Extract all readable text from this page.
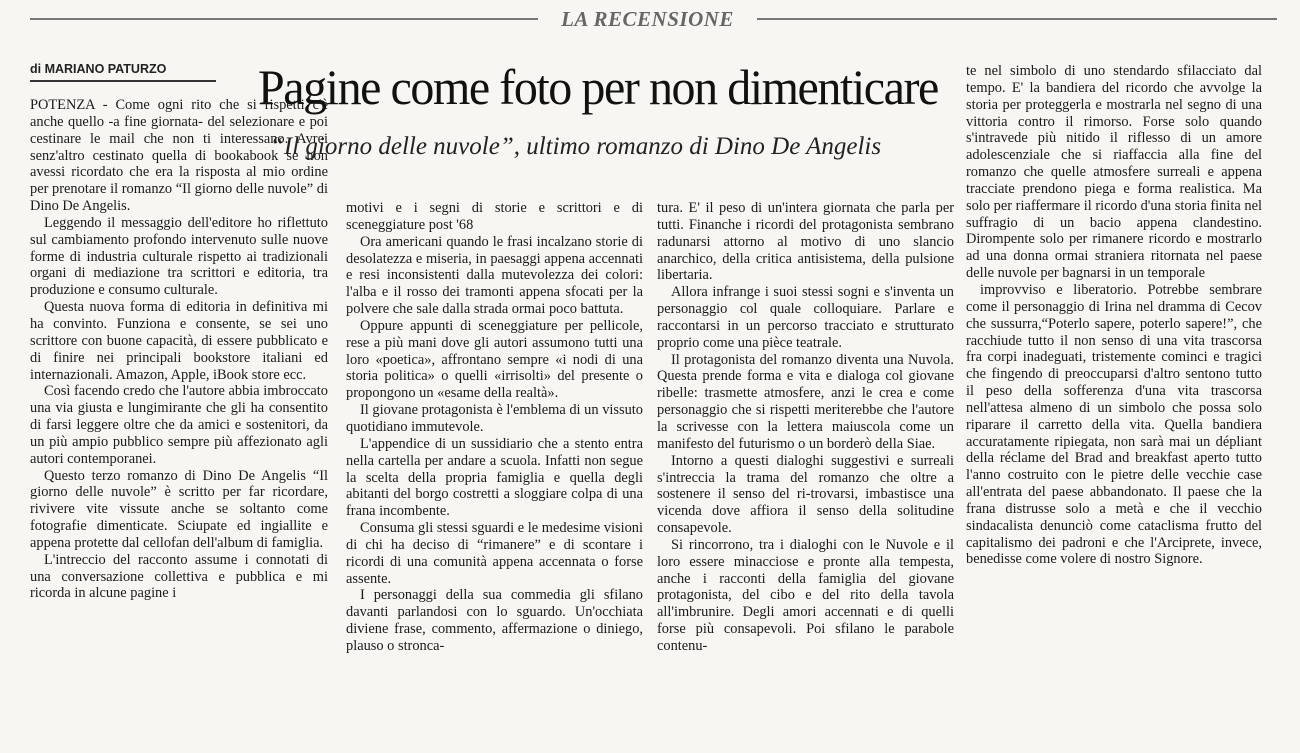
LA RECENSIONE
di MARIANO PATURZO	Pagine come foto per non dimenticare
“Il giorno delle nuvole”, ultimo romanzo di Dino De Angelis

POTENZA - Come ogni rito che si rispetti c'è anche quello -a fine giornata- del selezionare e poi cestinare le mail che non ti interessano. Avrei senz'altro cestinato quella di bookabook se non avessi ricordato che era la risposta al mio ordine per prenotare il romanzo “Il giorno delle nuvole” di Dino De Angelis.

Leggendo il messaggio dell'editore ho riflettuto sul cambiamento profondo intervenuto sulle nuove forme di industria culturale rispetto ai tradizionali organi di mediazione tra scrittori e editoria, tra produzione e consumo culturale.

Questa nuova forma di editoria in definitiva mi ha convinto. Funziona e consente, se sei uno scrittore con buone capacità, di essere pubblicato e di finire nei principali bookstore italiani ed internazionali. Amazon, Apple, iBook store ecc.

Così facendo credo che l'autore abbia imbroccato una via giusta e lungimirante che gli ha consentito di farsi leggere oltre che da amici e sostenitori, da un più ampio pubblico sempre più affezionato agli autori contemporanei.

Questo terzo romanzo di Dino De Angelis “Il giorno delle nuvole” è scritto per far ricordare, rivivere vite vissute anche se soltanto come fotografie dimenticate. Sciupate ed ingiallite e appena protette dal cellofan dell'album di famiglia.

L'intreccio del racconto assume i connotati di una conversazione collettiva e pubblica e mi ricorda in alcune pagine i

motivi e i segni di storie e scrittori e di sceneggiature post '68

Ora americani quando le frasi incalzano storie di desolatezza e miseria, in paesaggi appena accennati e resi inconsistenti dalla mutevolezza dei colori: l'alba e il rosso dei tramonti appena sfocati per la polvere che sale dalla strada ormai poco battuta.

Oppure appunti di sceneggiature per pellicole, rese a più mani dove gli autori assumono tutti una loro «poetica», affrontano sempre «i nodi di una storia politica» o quelli «irrisolti» del presente o propongono un «esame della realtà».

Il giovane protagonista è l'emblema di un vissuto quotidiano immutevole.

L'appendice di un sussidiario che a stento entra nella cartella per andare a scuola. Infatti non segue la scelta della propria famiglia e quella degli abitanti del borgo costretti a sloggiare colpa di una frana incombente.

Consuma gli stessi sguardi e le medesime visioni di chi ha deciso di “rimanere” e di scontare i ricordi di una comunità appena accennata o forse assente.

I personaggi della sua commedia gli sfilano davanti parlandosi con lo sguardo. Un'occhiata diviene frase, commento, affermazione o diniego, plauso o stronca-

tura. E' il peso di un'intera giornata che parla per tutti. Finanche i ricordi del protagonista sembrano radunarsi attorno al motivo di uno slancio anarchico, della critica antisistema, della pulsione libertaria.

Allora infrange i suoi stessi sogni e s'inventa un personaggio col quale colloquiare. Parlare e raccontarsi in un percorso tracciato e strutturato proprio come una pièce teatrale.

Il protagonista del romanzo diventa una Nuvola. Questa prende forma e vita e dialoga col giovane ribelle: trasmette atmosfere, anzi le crea e come personaggio che si rispetti meriterebbe che l'autore la scrivesse con la lettera maiuscola come un manifesto del futurismo o un borderò della Siae.

Intorno a questi dialoghi suggestivi e surreali s'intreccia la trama del romanzo che oltre a sostenere il senso del ri-trovarsi, imbastisce una vicenda dove affiora il senso della solitudine consapevole.

Si rincorrono, tra i dialoghi con le Nuvole e il loro essere minacciose e pronte alla tempesta, anche i racconti della famiglia del giovane protagonista, del cibo e del rito della tavola all'imbrunire. Degli amori accennati e di quelli forse più consapevoli. Poi sfilano le parabole contenu-

te nel simbolo di uno stendardo sfilacciato dal tempo. E' la bandiera del ricordo che avvolge la storia per proteggerla e mostrarla nel segno di una vittoria contro il rimorso. Forse solo quando s'intravede più nitido il riflesso di un amore adolescenziale che si riaffaccia alla fine del romanzo che quelle atmosfere surreali e appena tracciate prendono piega e forma realistica. Ma solo per riaffermare il ricordo d'una storia finita nel suffragio di un bacio appena clandestino. Dirompente solo per rimanere ricordo e mostrarlo ad una donna ormai straniera ritornata nel paese delle nuvole per bagnarsi in un temporale

improvviso e liberatorio. Potrebbe sembrare come il personaggio di Irina nel dramma di Cecov che sussurra,“Poterlo sapere, poterlo sapere!”, che racchiude tutto il non senso di una vita trascorsa fra corpi inadeguati, tristemente cominci e tragici che fingendo di preoccuparsi d'altro sentono tutto il peso della sofferenza d'una vita trascorsa nell'attesa almeno di un simbolo che possa solo riparare il carretto della vita. Quella bandiera accuratamente ripiegata, non sarà mai un dépliant della réclame del Brad and breakfast aperto tutto l'anno costruito con le pietre delle vecchie case all'entrata del paese abbandonato. Il paese che la frana distrusse solo a metà e che il vecchio sindacalista denunciò come cataclisma frutto del capitalismo dei padroni e che l'Arciprete, invece, benedisse come volere di nostro Signore.
